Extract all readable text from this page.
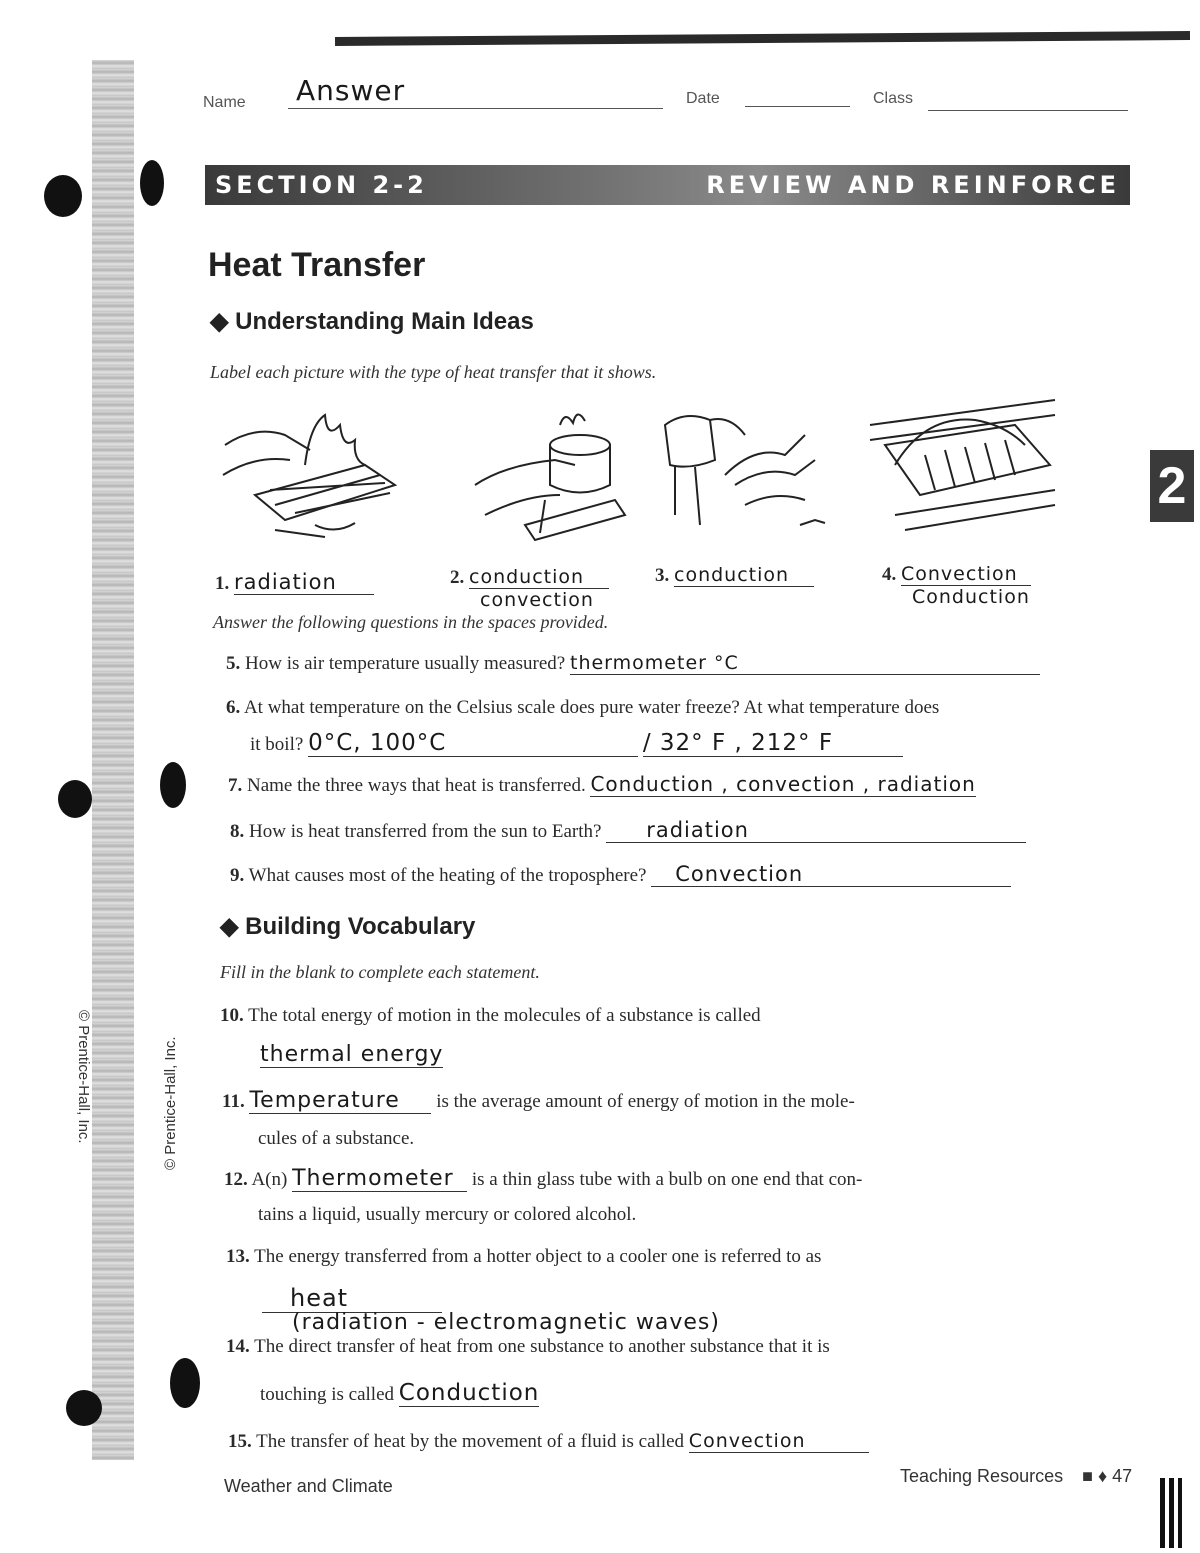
© Prentice-Hall, Inc.	© Prentice-Hall, Inc.
Name Answer	Date	Class
SECTION 2-2	REVIEW AND REINFORCE
Heat Transfer
2
◆ Understanding Main Ideas
Label each picture with the type of heat transfer that it shows.
1. radiation	2. conduction
convection
3. conduction	4. Convection
Conduction
Answer the following questions in the spaces provided.
5. How is air temperature usually measured? thermometer °C
6. At what temperature on the Celsius scale does pure water freeze? At what temperature does
it boil? 0°C, 100°C	/ 32° F , 212° F
7. Name the three ways that heat is transferred. Conduction , convection , radiation
8. How is heat transferred from the sun to Earth? radiation
9. What causes most of the heating of the troposphere? Convection
◆ Building Vocabulary
Fill in the blank to complete each statement.
10. The total energy of motion in the molecules of a substance is called
thermal energy
11. Temperature is the average amount of energy of motion in the mole-
cules of a substance.
12. A(n) Thermometer is a thin glass tube with a bulb on one end that con-
tains a liquid, usually mercury or colored alcohol.
13. The energy transferred from a hotter object to a cooler one is referred to as
heat
(radiation - electromagnetic waves)
14. The direct transfer of heat from one substance to another substance that it is
touching is called Conduction
15. The transfer of heat by the movement of a fluid is called Convection
Weather and Climate	Teaching Resources ■ ♦ 47
